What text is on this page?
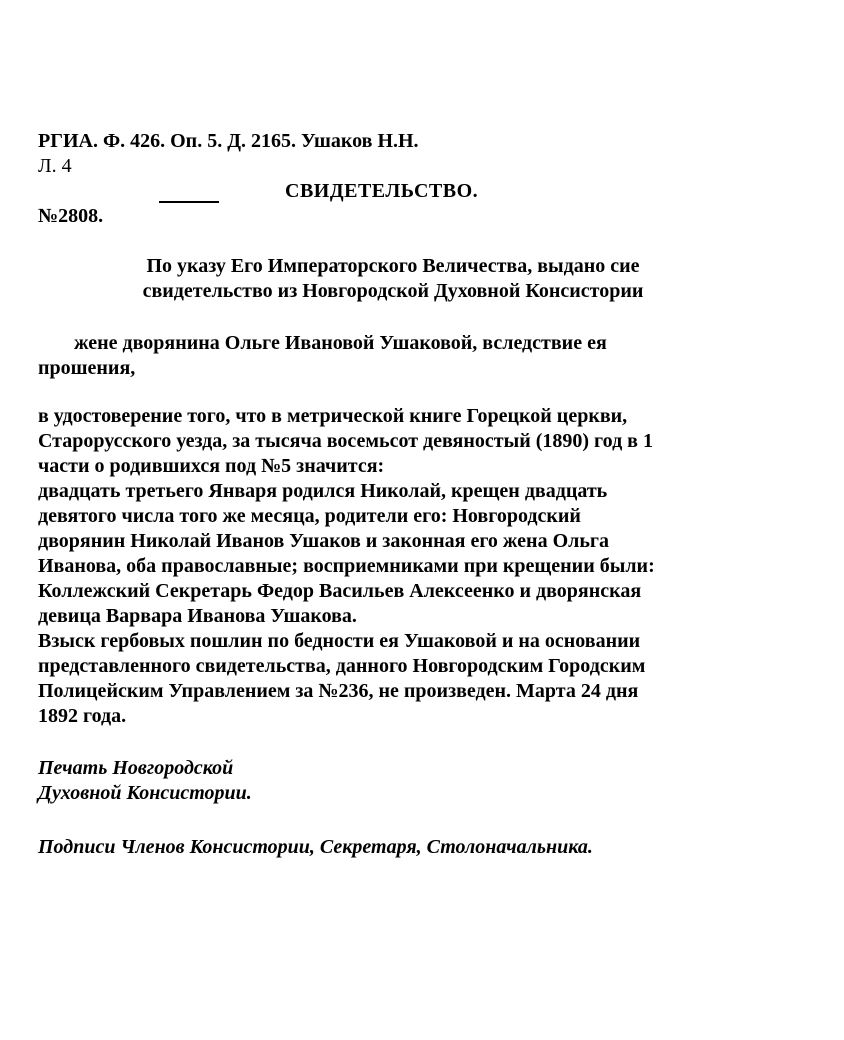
РГИА. Ф. 426. Оп. 5. Д. 2165. Ушаков Н.Н.
Л. 4
СВИДЕТЕЛЬСТВО.
№2808.
По указу Его Императорского Величества, выдано сие
свидетельство из Новгородской Духовной Консистории
жене дворянина Ольге Ивановой Ушаковой, вследствие ея
прошения,
в удостоверение того, что в метрической книге Горецкой церкви,
Старорусского уезда, за тысяча восемьсот девяностый (1890) год в 1
части о родившихся под №5 значится:
двадцать третьего Января родился Николай, крещен двадцать
девятого числа того же месяца, родители его: Новгородский
дворянин Николай Иванов Ушаков и законная его жена Ольга
Иванова, оба православные; восприемниками при крещении были:
Коллежский Секретарь Федор Васильев Алексеенко и дворянская
девица Варвара Иванова Ушакова.
Взыск гербовых пошлин по бедности ея Ушаковой и на основании
представленного свидетельства, данного Новгородским Городским
Полицейским Управлением за №236, не произведен. Марта 24 дня
1892 года.
Печать Новгородской
Духовной Консистории.
Подписи Членов Консистории, Секретаря, Столоначальника.
